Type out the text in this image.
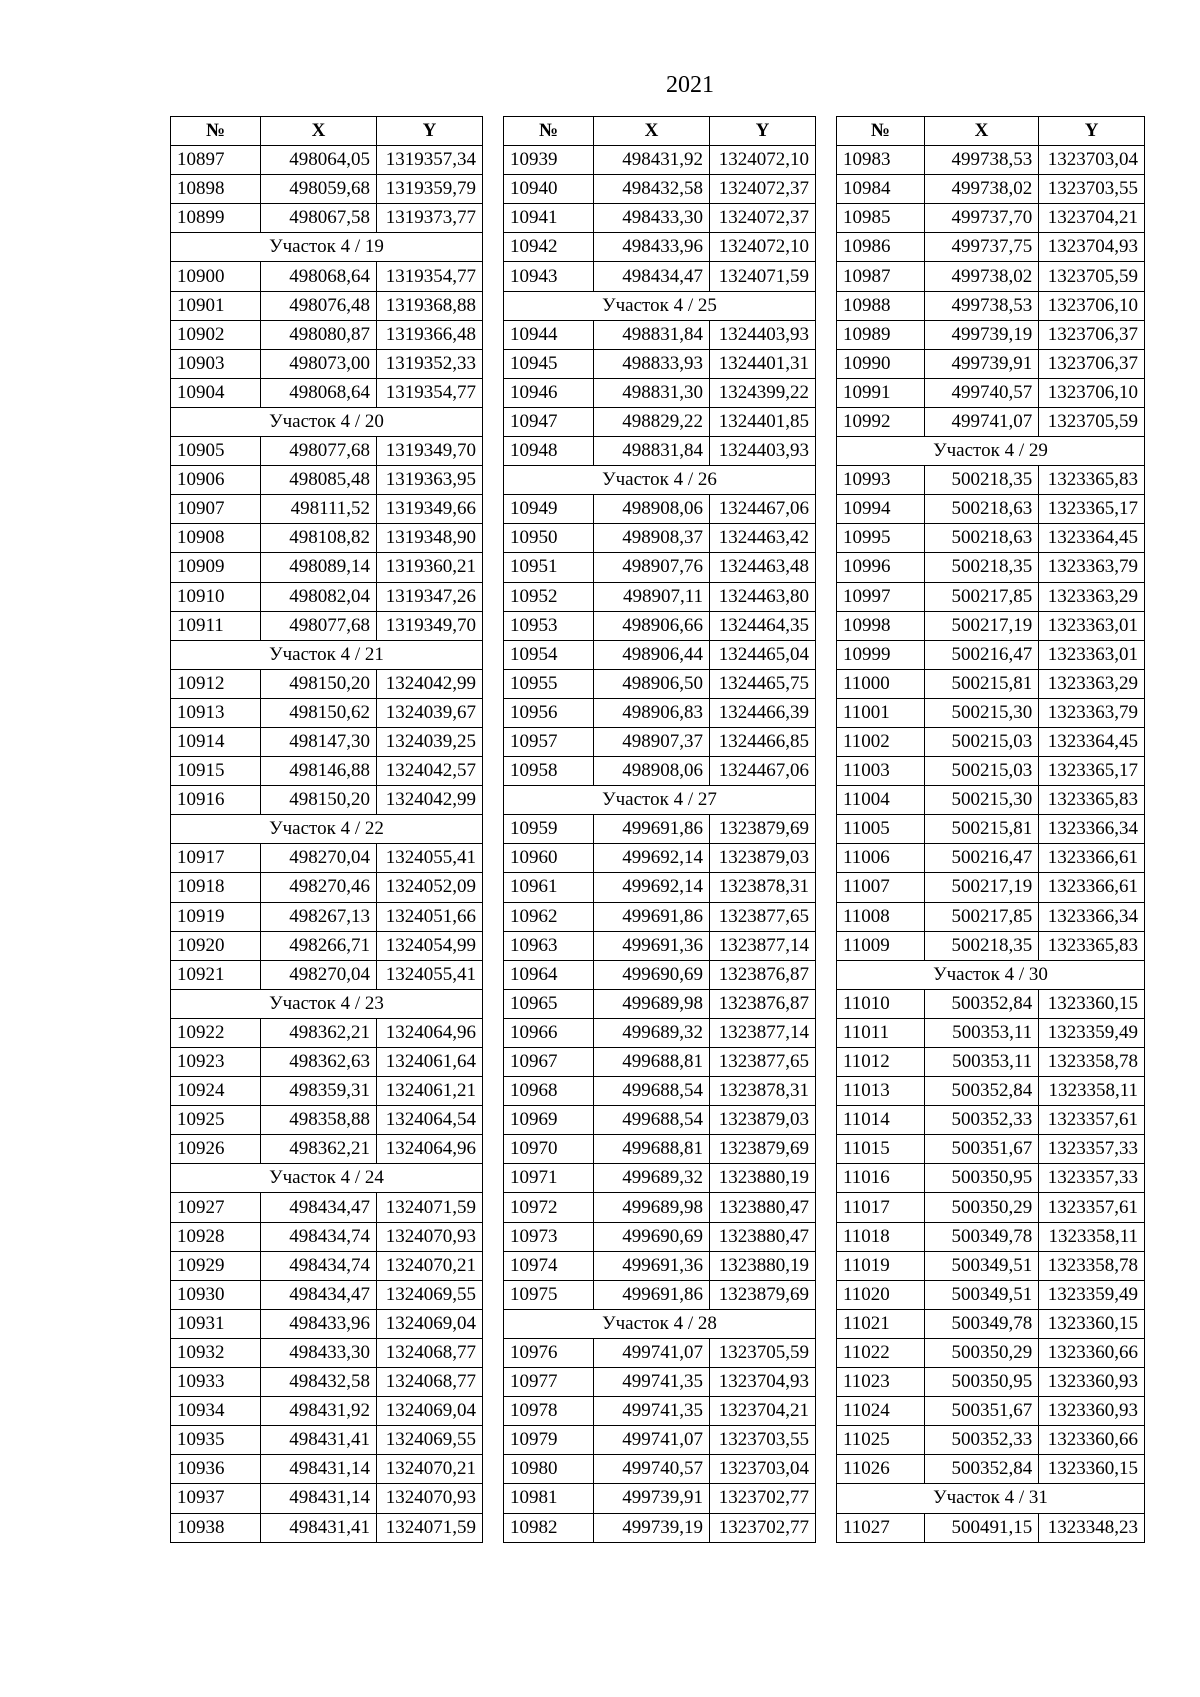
2021
№	X	Y
10897	498064,05	1319357,34
10898	498059,68	1319359,79
10899	498067,58	1319373,77
Участок 4 / 19		
10900	498068,64	1319354,77
10901	498076,48	1319368,88
10902	498080,87	1319366,48
10903	498073,00	1319352,33
10904	498068,64	1319354,77
Участок 4 / 20		
10905	498077,68	1319349,70
10906	498085,48	1319363,95
10907	498111,52	1319349,66
10908	498108,82	1319348,90
10909	498089,14	1319360,21
10910	498082,04	1319347,26
10911	498077,68	1319349,70
Участок 4 / 21		
10912	498150,20	1324042,99
10913	498150,62	1324039,67
10914	498147,30	1324039,25
10915	498146,88	1324042,57
10916	498150,20	1324042,99
Участок 4 / 22		
10917	498270,04	1324055,41
10918	498270,46	1324052,09
10919	498267,13	1324051,66
10920	498266,71	1324054,99
10921	498270,04	1324055,41
Участок 4 / 23		
10922	498362,21	1324064,96
10923	498362,63	1324061,64
10924	498359,31	1324061,21
10925	498358,88	1324064,54
10926	498362,21	1324064,96
Участок 4 / 24		
10927	498434,47	1324071,59
10928	498434,74	1324070,93
10929	498434,74	1324070,21
10930	498434,47	1324069,55
10931	498433,96	1324069,04
10932	498433,30	1324068,77
10933	498432,58	1324068,77
10934	498431,92	1324069,04
10935	498431,41	1324069,55
10936	498431,14	1324070,21
10937	498431,14	1324070,93
10938	498431,41	1324071,59
№	X	Y
10939	498431,92	1324072,10
10940	498432,58	1324072,37
10941	498433,30	1324072,37
10942	498433,96	1324072,10
10943	498434,47	1324071,59
Участок 4 / 25		
10944	498831,84	1324403,93
10945	498833,93	1324401,31
10946	498831,30	1324399,22
10947	498829,22	1324401,85
10948	498831,84	1324403,93
Участок 4 / 26		
10949	498908,06	1324467,06
10950	498908,37	1324463,42
10951	498907,76	1324463,48
10952	498907,11	1324463,80
10953	498906,66	1324464,35
10954	498906,44	1324465,04
10955	498906,50	1324465,75
10956	498906,83	1324466,39
10957	498907,37	1324466,85
10958	498908,06	1324467,06
Участок 4 / 27		
10959	499691,86	1323879,69
10960	499692,14	1323879,03
10961	499692,14	1323878,31
10962	499691,86	1323877,65
10963	499691,36	1323877,14
10964	499690,69	1323876,87
10965	499689,98	1323876,87
10966	499689,32	1323877,14
10967	499688,81	1323877,65
10968	499688,54	1323878,31
10969	499688,54	1323879,03
10970	499688,81	1323879,69
10971	499689,32	1323880,19
10972	499689,98	1323880,47
10973	499690,69	1323880,47
10974	499691,36	1323880,19
10975	499691,86	1323879,69
Участок 4 / 28		
10976	499741,07	1323705,59
10977	499741,35	1323704,93
10978	499741,35	1323704,21
10979	499741,07	1323703,55
10980	499740,57	1323703,04
10981	499739,91	1323702,77
10982	499739,19	1323702,77
№	X	Y
10983	499738,53	1323703,04
10984	499738,02	1323703,55
10985	499737,70	1323704,21
10986	499737,75	1323704,93
10987	499738,02	1323705,59
10988	499738,53	1323706,10
10989	499739,19	1323706,37
10990	499739,91	1323706,37
10991	499740,57	1323706,10
10992	499741,07	1323705,59
Участок 4 / 29		
10993	500218,35	1323365,83
10994	500218,63	1323365,17
10995	500218,63	1323364,45
10996	500218,35	1323363,79
10997	500217,85	1323363,29
10998	500217,19	1323363,01
10999	500216,47	1323363,01
11000	500215,81	1323363,29
11001	500215,30	1323363,79
11002	500215,03	1323364,45
11003	500215,03	1323365,17
11004	500215,30	1323365,83
11005	500215,81	1323366,34
11006	500216,47	1323366,61
11007	500217,19	1323366,61
11008	500217,85	1323366,34
11009	500218,35	1323365,83
Участок 4 / 30		
11010	500352,84	1323360,15
11011	500353,11	1323359,49
11012	500353,11	1323358,78
11013	500352,84	1323358,11
11014	500352,33	1323357,61
11015	500351,67	1323357,33
11016	500350,95	1323357,33
11017	500350,29	1323357,61
11018	500349,78	1323358,11
11019	500349,51	1323358,78
11020	500349,51	1323359,49
11021	500349,78	1323360,15
11022	500350,29	1323360,66
11023	500350,95	1323360,93
11024	500351,67	1323360,93
11025	500352,33	1323360,66
11026	500352,84	1323360,15
Участок 4 / 31		
11027	500491,15	1323348,23
